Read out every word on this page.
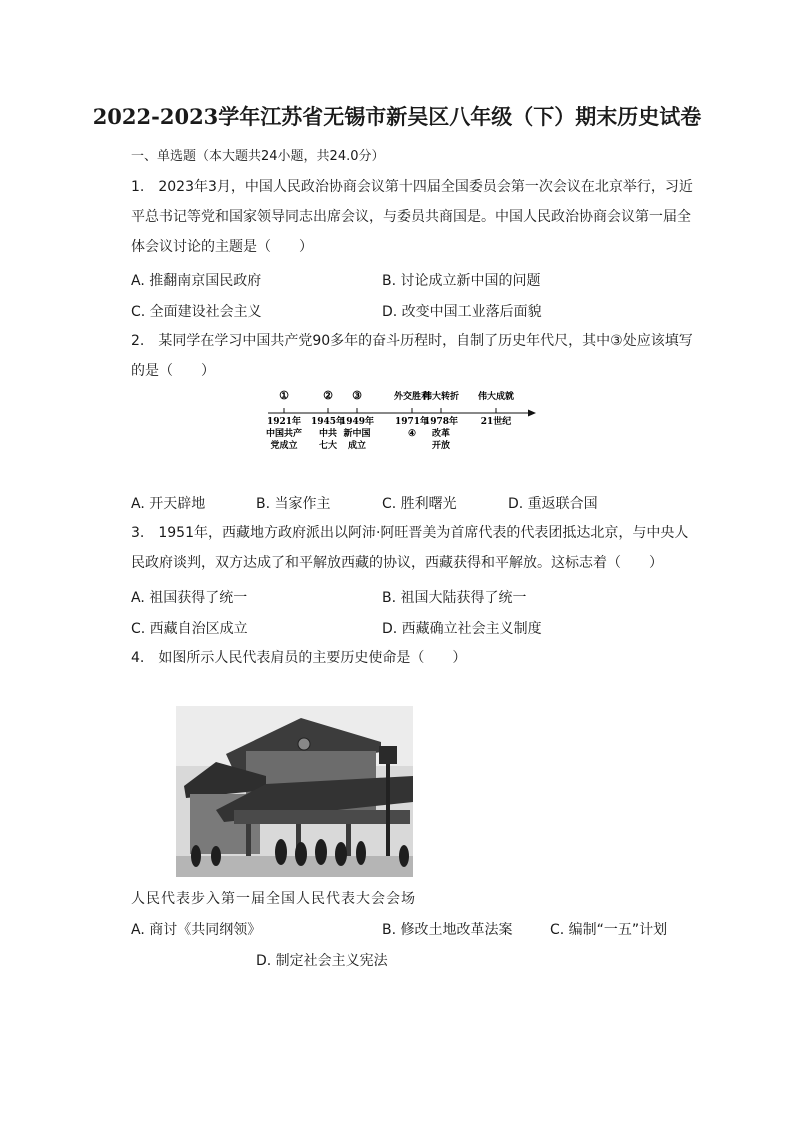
2022-2023学年江苏省无锡市新吴区八年级（下）期末历史试卷
一、单选题（本大题共24小题，共24.0分）
1.　2023年3月，中国人民政治协商会议第十四届全国委员会第一次会议在北京举行，习近平总书记等党和国家领导同志出席会议，与委员共商国是。中国人民政治协商会议第一届全体会议讨论的主题是（　　）
A. 推翻南京国民政府	B. 讨论成立新中国的问题
C. 全面建设社会主义	D. 改变中国工业落后面貌
2.　某同学在学习中国共产党90多年的奋斗历程时，自制了历史年代尺，其中③处应该填写的是（　　）
①
1921年
中国共产
党成立
②
1945年
中共
七大
③
1949年
新中国
成立
外交胜利
1971年
④
伟大转折
1978年
改革
开放
伟大成就
21世纪
A. 开天辟地	B. 当家作主	C. 胜利曙光	D. 重返联合国
3.　1951年，西藏地方政府派出以阿沛·阿旺晋美为首席代表的代表团抵达北京，与中央人民政府谈判，双方达成了和平解放西藏的协议，西藏获得和平解放。这标志着（　　）
A. 祖国获得了统一	B. 祖国大陆获得了统一
C. 西藏自治区成立	D. 西藏确立社会主义制度
4.　如图所示人民代表肩员的主要历史使命是（　　）
人民代表步入第一届全国人民代表大会会场
A. 商讨《共同纲领》	B. 修改土地改革法案	C. 编制“一五”计划
D. 制定社会主义宪法
